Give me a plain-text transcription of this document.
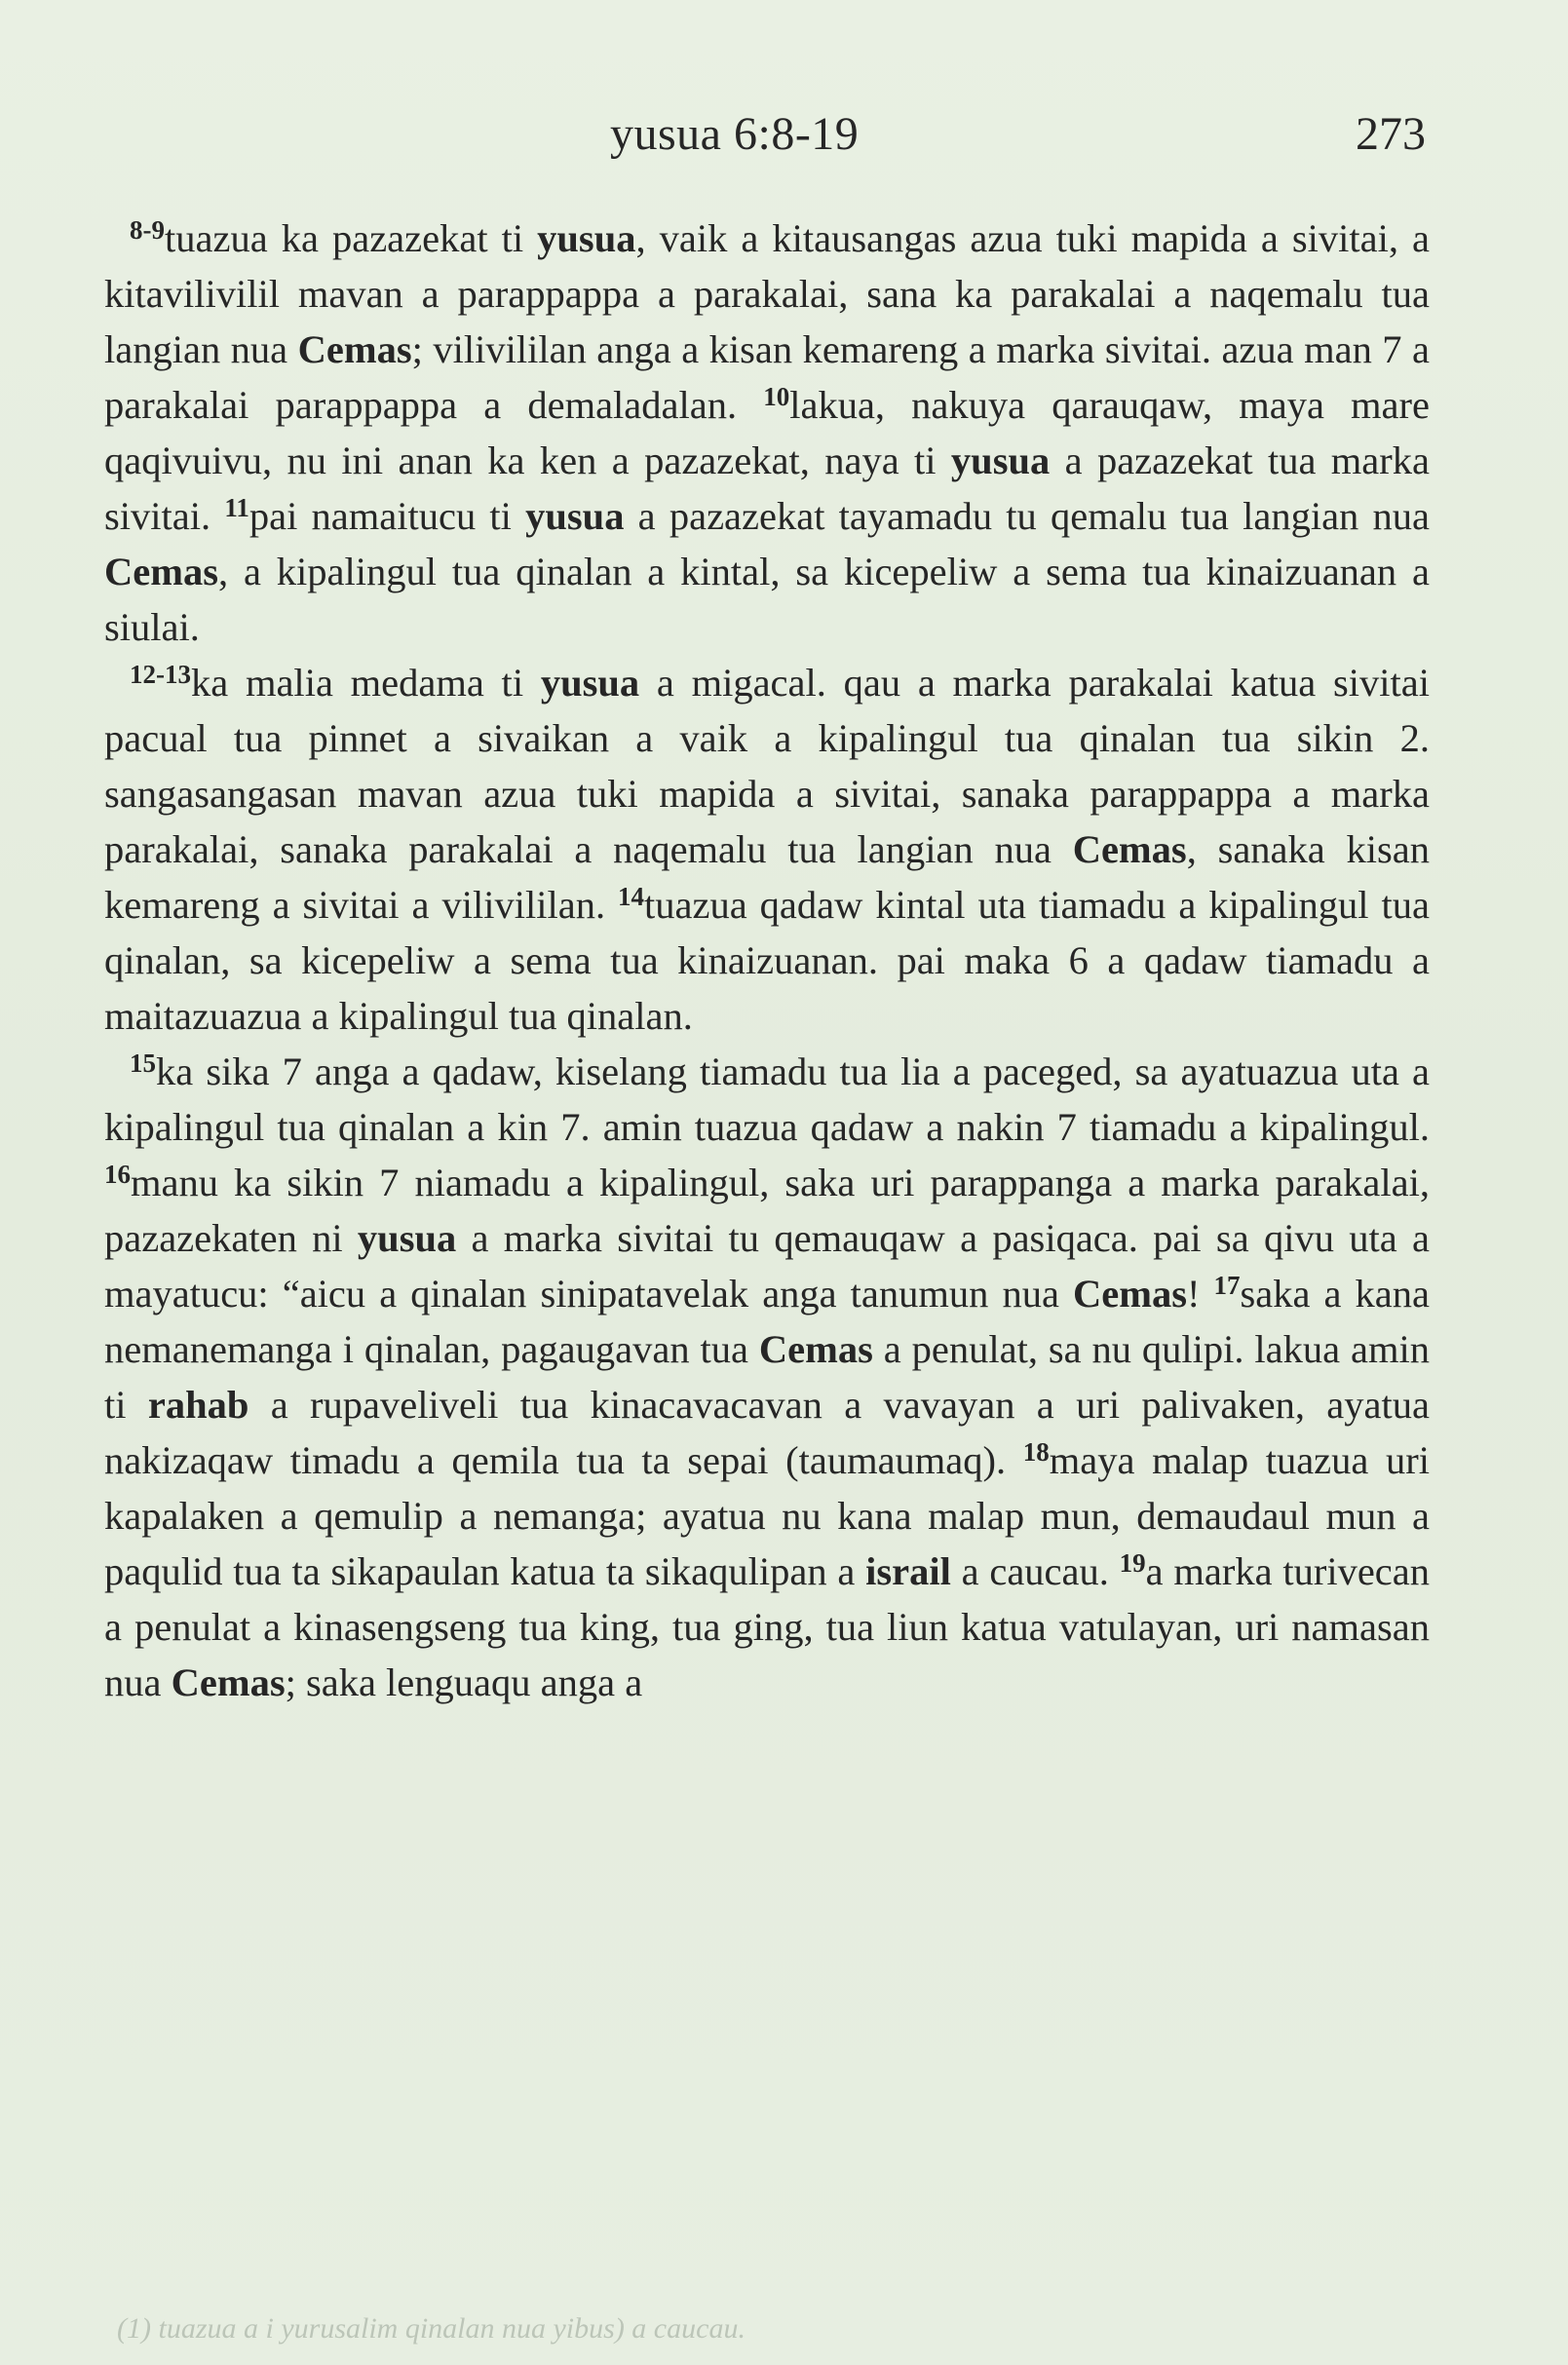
yusua 6:8-19	273

$^{8-9}$tuazua ka pazazekat ti yusua, vaik a kitausangas azua tuki mapida a sivitai, a kitavilivilil mavan a parappappa a parakalai, sana ka parakalai a naqemalu tua langian nua Cemas; vilivililan anga a kisan kemareng a marka sivitai. azua man 7 a parakalai parappappa a demaladalan. $^{10}$lakua, nakuya qarauqaw, maya mare qaqivuivu, nu ini anan ka ken a pazazekat, naya ti yusua a pazazekat tua marka sivitai. $^{11}$pai namaitucu ti yusua a pazazekat tayamadu tu qemalu tua langian nua Cemas, a kipalingul tua qinalan a kintal, sa kicepeliw a sema tua kinaizuanan a siulai.

$^{12-13}$ka malia medama ti yusua a migacal. qau a marka parakalai katua sivitai pacual tua pinnet a sivaikan a vaik a kipalingul tua qinalan tua sikin 2. sangasangasan mavan azua tuki mapida a sivitai, sanaka parappappa a marka parakalai, sanaka parakalai a naqemalu tua langian nua Cemas, sanaka kisan kemareng a sivitai a vilivililan. $^{14}$tuazua qadaw kintal uta tiamadu a kipalingul tua qinalan, sa kicepeliw a sema tua kinaizuanan. pai maka 6 a qadaw tiamadu a maitazuazua a kipalingul tua qinalan.

$^{15}$ka sika 7 anga a qadaw, kiselang tiamadu tua lia a paceged, sa ayatuazua uta a kipalingul tua qinalan a kin 7. amin tuazua qadaw a nakin 7 tiamadu a kipalingul. $^{16}$manu ka sikin 7 niamadu a kipalingul, saka uri parappanga a marka parakalai, pazazekaten ni yusua a marka sivitai tu qemauqaw a pasiqaca. pai sa qivu uta a mayatucu: “aicu a qinalan sinipatavelak anga tanumun nua Cemas! $^{17}$saka a kana nemanemanga i qinalan, pagaugavan tua Cemas a penulat, sa nu qulipi. lakua amin ti rahab a rupaveliveli tua kinacavacavan a vavayan a uri palivaken, ayatua nakizaqaw timadu a qemila tua ta sepai (taumaumaq). $^{18}$maya malap tuazua uri kapalaken a qemulip a nemanga; ayatua nu kana malap mun, demaudaul mun a paqulid tua ta sikapaulan katua ta sikaqulipan a israil a caucau. $^{19}$a marka turivecan a penulat a kinasengseng tua king, tua ging, tua liun katua vatulayan, uri namasan nua Cemas; saka lenguaqu anga a

(1) tuazua a i yurusalim qinalan nua yibus) a caucau.
